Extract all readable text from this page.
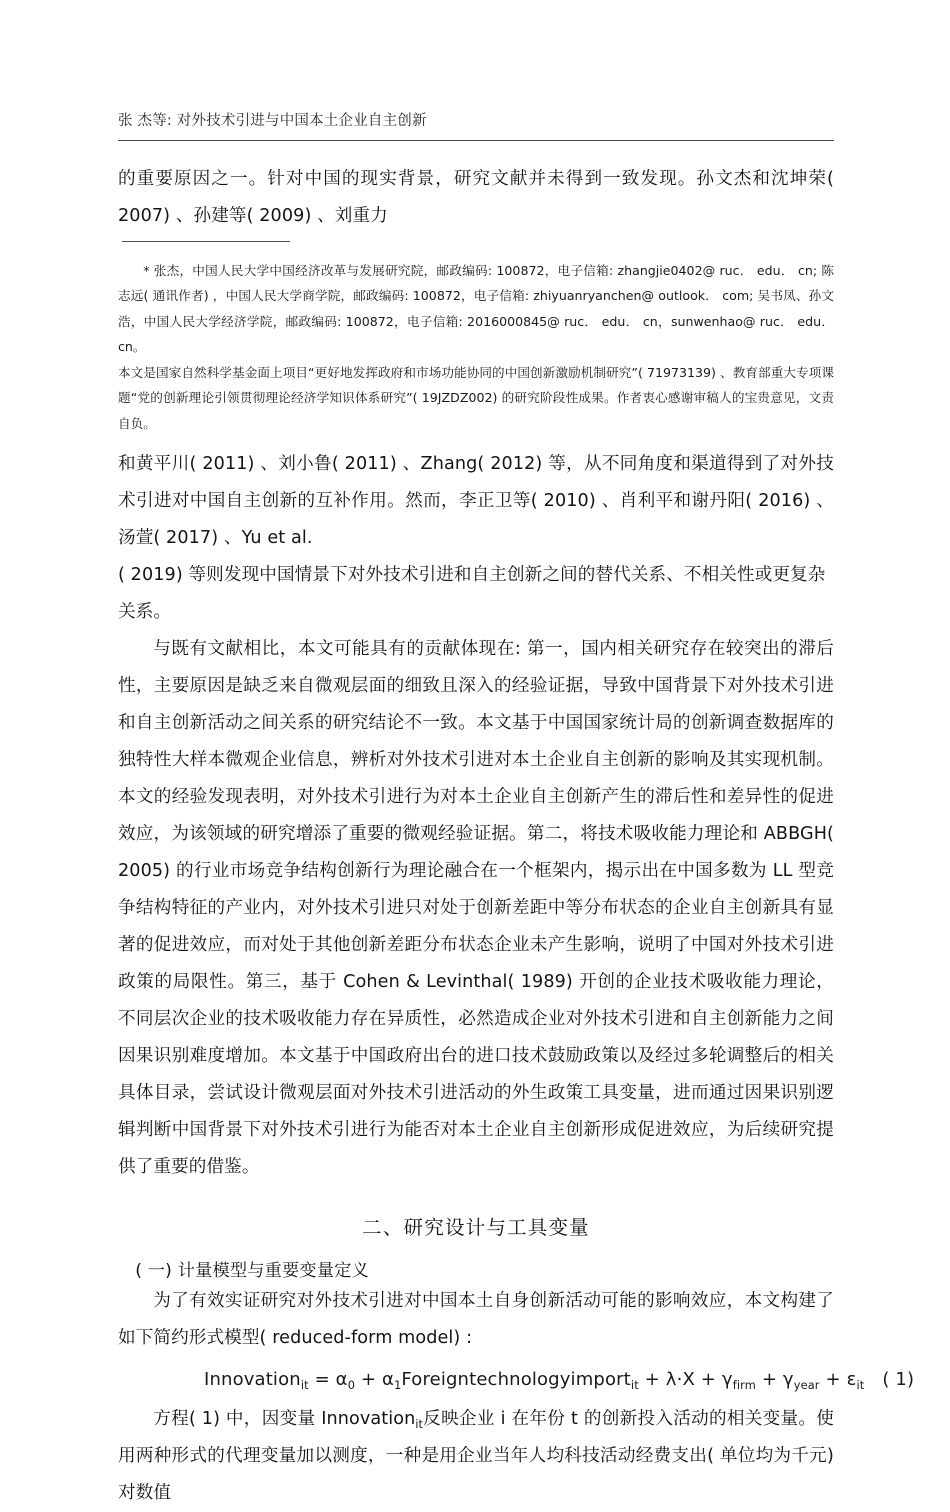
张 杰等: 对外技术引进与中国本土企业自主创新

的重要原因之一。针对中国的现实背景，研究文献并未得到一致发现。孙文杰和沈坤荣( 2007) 、孙建等( 2009) 、刘重力

* 张杰，中国人民大学中国经济改革与发展研究院，邮政编码: 100872，电子信箱: zhangjie0402@ ruc． edu． cn; 陈志远( 通讯作者) ，中国人民大学商学院，邮政编码: 100872，电子信箱: zhiyuanryanchen@ outlook． com; 吴书凤、孙文浩，中国人民大学经济学院，邮政编码: 100872，电子信箱: 2016000845@ ruc． edu． cn，sunwenhao@ ruc． edu． cn。
本文是国家自然科学基金面上项目“更好地发挥政府和市场功能协同的中国创新激励机制研究”( 71973139) 、教育部重大专项课题“党的创新理论引领贯彻理论经济学知识体系研究”( 19JZDZ002) 的研究阶段性成果。作者衷心感谢审稿人的宝贵意见，文责自负。

和黄平川( 2011) 、刘小鲁( 2011) 、Zhang( 2012) 等，从不同角度和渠道得到了对外技术引进对中国自主创新的互补作用。然而，李正卫等( 2010) 、肖利平和谢丹阳( 2016) 、汤萱( 2017) 、Yu et al.

( 2019) 等则发现中国情景下对外技术引进和自主创新之间的替代关系、不相关性或更复杂关系。

与既有文献相比，本文可能具有的贡献体现在: 第一，国内相关研究存在较突出的滞后性，主要原因是缺乏来自微观层面的细致且深入的经验证据，导致中国背景下对外技术引进和自主创新活动之间关系的研究结论不一致。本文基于中国国家统计局的创新调查数据库的独特性大样本微观企业信息，辨析对外技术引进对本土企业自主创新的影响及其实现机制。本文的经验发现表明，对外技术引进行为对本土企业自主创新产生的滞后性和差异性的促进效应，为该领域的研究增添了重要的微观经验证据。第二，将技术吸收能力理论和 ABBGH( 2005) 的行业市场竞争结构创新行为理论融合在一个框架内，揭示出在中国多数为 LL 型竞争结构特征的产业内，对外技术引进只对处于创新差距中等分布状态的企业自主创新具有显著的促进效应，而对处于其他创新差距分布状态企业未产生影响，说明了中国对外技术引进政策的局限性。第三，基于 Cohen & Levinthal( 1989) 开创的企业技术吸收能力理论，不同层次企业的技术吸收能力存在异质性，必然造成企业对外技术引进和自主创新能力之间因果识别难度增加。本文基于中国政府出台的进口技术鼓励政策以及经过多轮调整后的相关具体目录，尝试设计微观层面对外技术引进活动的外生政策工具变量，进而通过因果识别逻辑判断中国背景下对外技术引进行为能否对本土企业自主创新形成促进效应，为后续研究提供了重要的借鉴。

二、研究设计与工具变量
( 一) 计量模型与重要变量定义

为了有效实证研究对外技术引进对中国本土自身创新活动可能的影响效应，本文构建了如下简约形式模型( reduced-form model) :

Innovation$_{it}$ = $\alpha_0$ + $\alpha_1Foreigntechnologyimport_{it} + \lambda\cdot X + \gamma_{firm} + \gamma_{year} + \varepsilon_{it}$ ( 1)

方程( 1) 中，因变量 Innovation$_{it}$反映企业 i 在年份 t 的创新投入活动的相关变量。使用两种形式的代理变量加以测度，一种是用企业当年人均科技活动经费支出( 单位均为千元) 对数值
